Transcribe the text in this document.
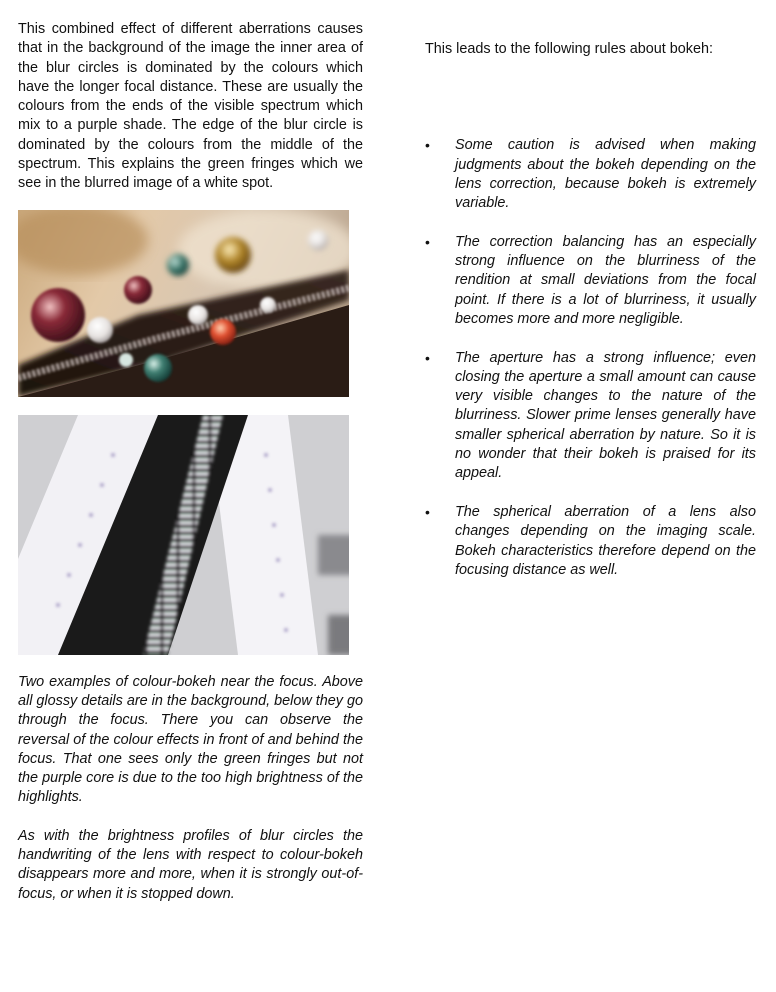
This combined effect of different aberrations causes that in the background of the image the inner area of the blur circles is dominated by the colours which have the longer focal distance. These are usually the colours from the ends of the visible spectrum which mix to a purple shade. The edge of the blur circle is dominated by the colours from the middle of the spectrum. This explains the green fringes which we see in the blurred image of a white spot.

Two examples of colour-bokeh near the focus. Above all glossy details are in the background, below they go through the focus. There you can observe the reversal of the colour effects in front of and behind the focus. That one sees only the green fringes but not the purple core is due to the too high brightness of the highlights.

As with the brightness profiles of blur circles the handwriting of the lens with respect to colour-bokeh disappears more and more, when it is strongly out-of-focus, or when it is stopped down.

This leads to the following rules about bokeh:

• Some caution is advised when making judgments about the bokeh depending on the lens correction, because bokeh is extremely variable.

• The correction balancing has an especially strong influence on the blurriness of the rendition at small deviations from the focal point. If there is a lot of blurriness, it usually becomes more and more negligible.

• The aperture has a strong influence; even closing the aperture a small amount can cause very visible changes to the nature of the blurriness. Slower prime lenses generally have smaller spherical aberration by nature. So it is no wonder that their bokeh is praised for its appeal.

• The spherical aberration of a lens also changes depending on the imaging scale. Bokeh characteristics therefore depend on the focusing distance as well.
